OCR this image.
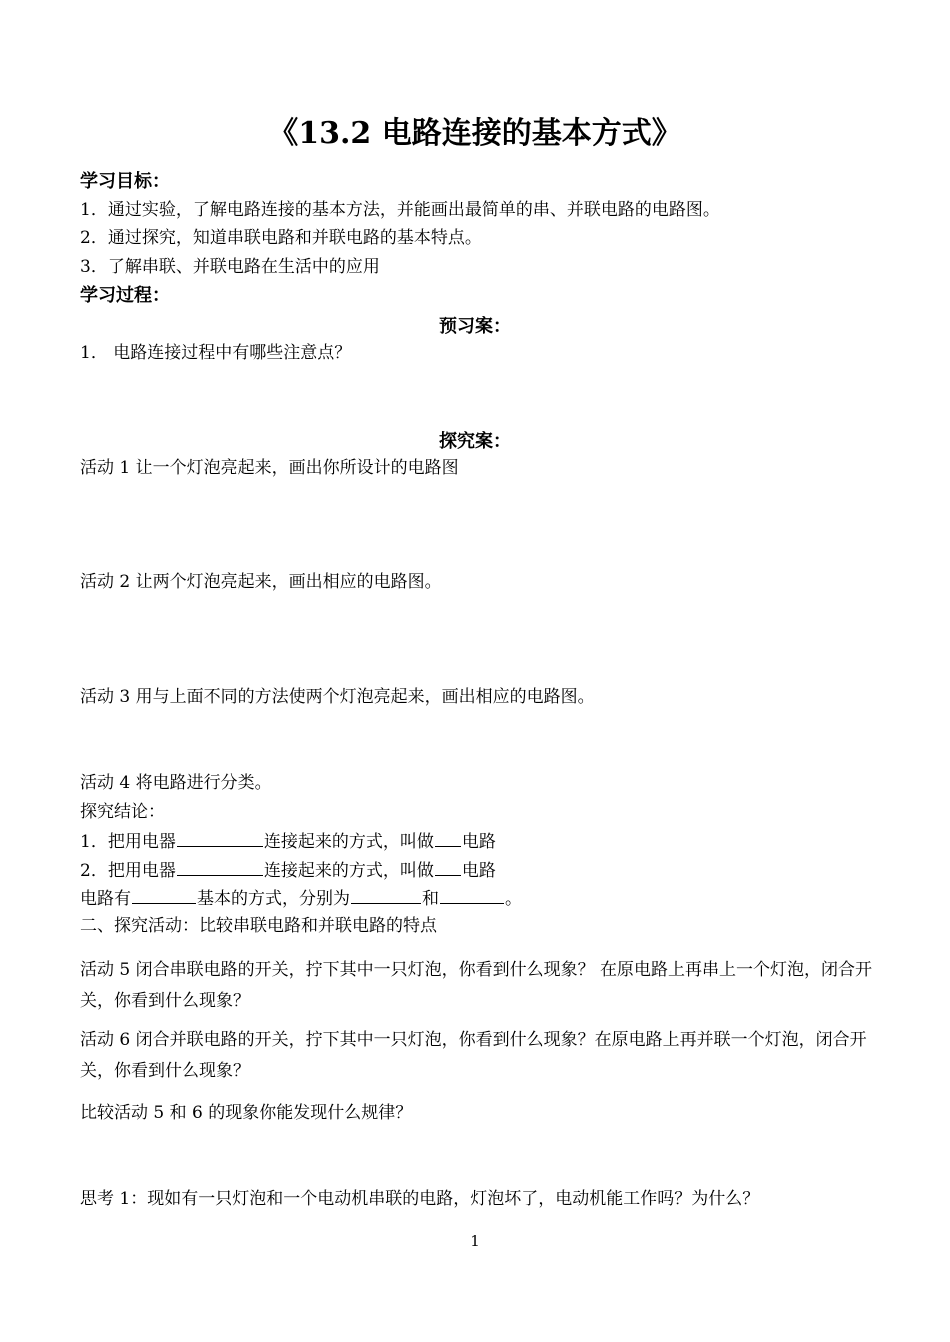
《13.2 电路连接的基本方式》
学习目标：
1．通过实验，了解电路连接的基本方法，并能画出最简单的串、并联电路的电路图。
2．通过探究，知道串联电路和并联电路的基本特点。
3．了解串联、并联电路在生活中的应用
学习过程：
预习案：
1． 电路连接过程中有哪些注意点？
探究案：
活动 1 让一个灯泡亮起来，画出你所设计的电路图
活动 2 让两个灯泡亮起来，画出相应的电路图。
活动 3 用与上面不同的方法使两个灯泡亮起来，画出相应的电路图。
活动 4 将电路进行分类。
探究结论：
1．把用电器	连接起来的方式，叫做 电路
2．把用电器	连接起来的方式，叫做 电路
电路有	基本的方式，分别为	和	。
二、探究活动：比较串联电路和并联电路的特点
活动 5 闭合串联电路的开关，拧下其中一只灯泡，你看到什么现象？ 在原电路上再串上一个灯泡，闭合开关，你看到什么现象？
活动 6 闭合并联电路的开关，拧下其中一只灯泡，你看到什么现象？在原电路上再并联一个灯泡，闭合开关，你看到什么现象？
比较活动 5 和 6 的现象你能发现什么规律？
思考 1：现如有一只灯泡和一个电动机串联的电路，灯泡坏了，电动机能工作吗？为什么？
1
